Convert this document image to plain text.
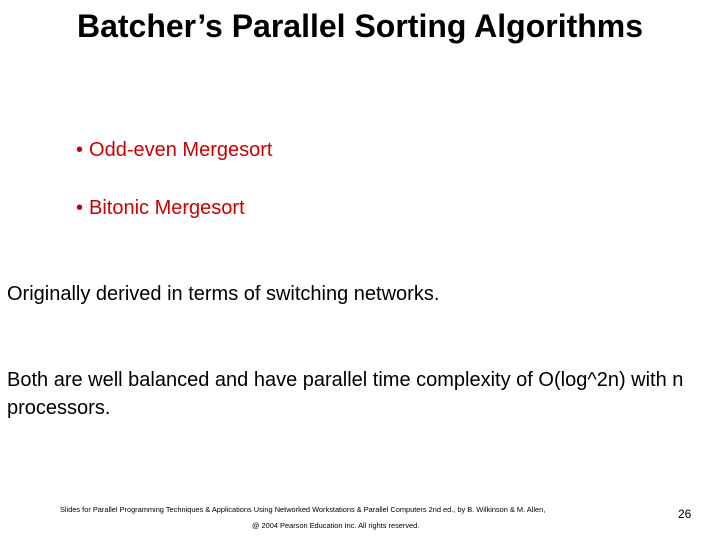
Batcher’s Parallel Sorting Algorithms

• Odd-even Mergesort

• Bitonic Mergesort

Originally derived in terms of switching networks.
Both are well balanced and have parallel time complexity of O(log^2n) with n processors.
Slides for Parallel Programming Techniques & Applications Using Networked Workstations & Parallel Computers 2nd ed., by B. Wilkinson & M. Allen,
@ 2004 Pearson Education Inc. All rights reserved.
26
